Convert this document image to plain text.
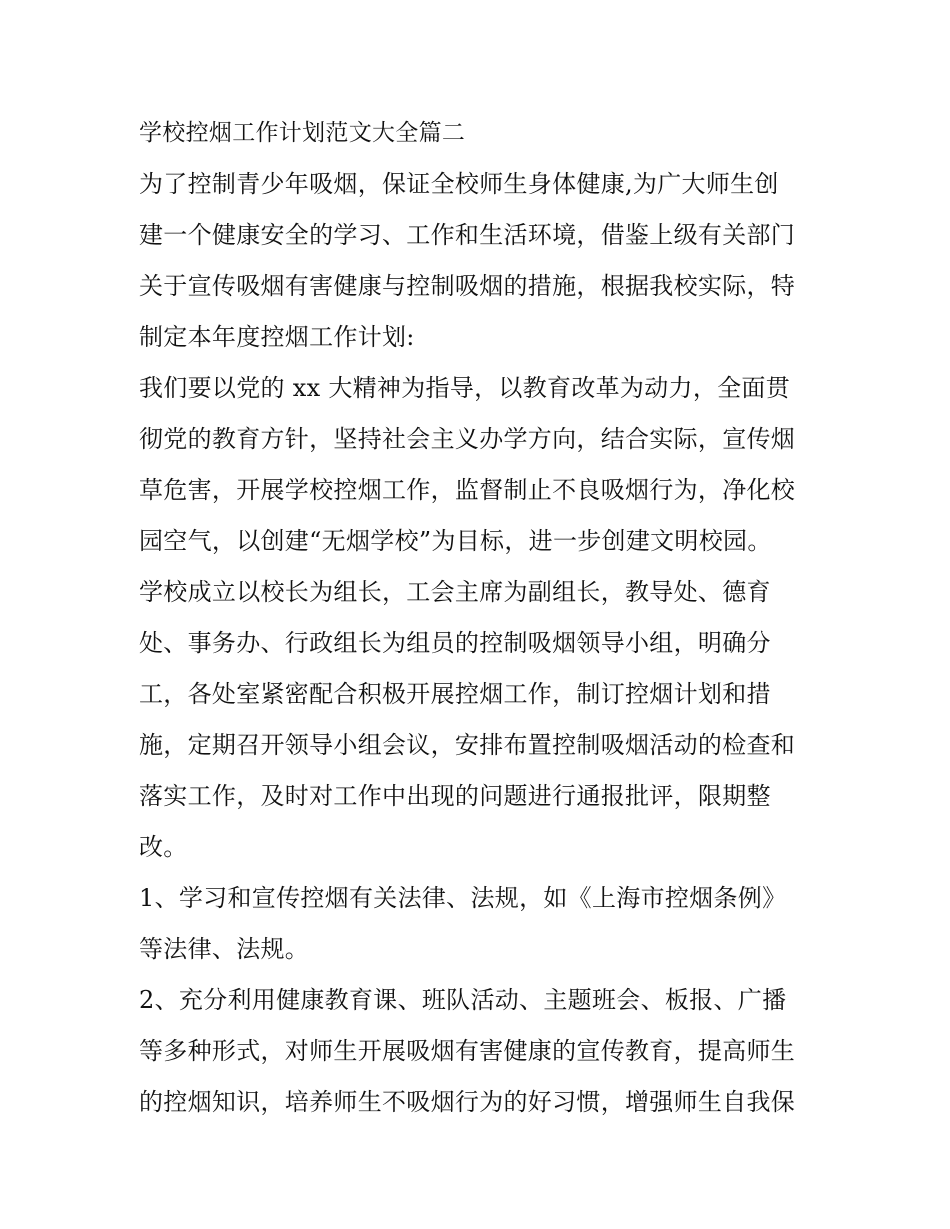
学校控烟工作计划范文大全篇二
为了控制青少年吸烟，保证全校师生身体健康,为广大师生创
建一个健康安全的学习、工作和生活环境，借鉴上级有关部门
关于宣传吸烟有害健康与控制吸烟的措施，根据我校实际，特
制定本年度控烟工作计划:
我们要以党的 xx 大精神为指导，以教育改革为动力，全面贯
彻党的教育方针，坚持社会主义办学方向，结合实际，宣传烟
草危害，开展学校控烟工作，监督制止不良吸烟行为，净化校
园空气，以创建“无烟学校”为目标，进一步创建文明校园。
学校成立以校长为组长，工会主席为副组长，教导处、德育
处、事务办、行政组长为组员的控制吸烟领导小组，明确分
工，各处室紧密配合积极开展控烟工作，制订控烟计划和措
施，定期召开领导小组会议，安排布置控制吸烟活动的检查和
落实工作，及时对工作中出现的问题进行通报批评，限期整
改。
1、学习和宣传控烟有关法律、法规，如《上海市控烟条例》
等法律、法规。
2、充分利用健康教育课、班队活动、主题班会、板报、广播
等多种形式，对师生开展吸烟有害健康的宣传教育，提高师生
的控烟知识，培养师生不吸烟行为的好习惯，增强师生自我保
